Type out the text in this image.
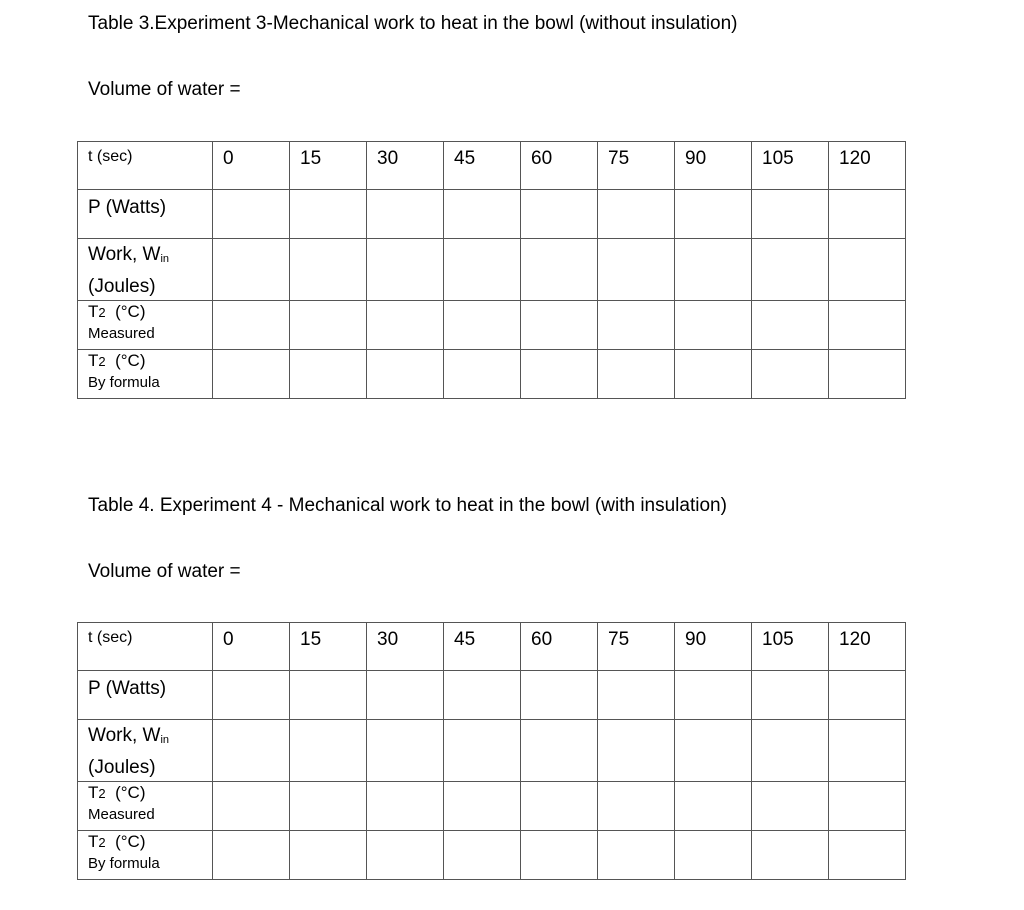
Table 3.Experiment 3-Mechanical work to heat in the bowl (without insulation)
Volume of water =
t (sec)	0	15	30	45	60	75	90	105	120

P (Watts)									

Work, $W_{in}$
(Joules)									

T2 (°C)
Measured									

T2 (°C)
By formula									

Table 4. Experiment 4 - Mechanical work to heat in the bowl (with insulation)
Volume of water =
t (sec)	0	15	30	45	60	75	90	105	120

P (Watts)									

Work, $W_{in}$
(Joules)									

T2 (°C)
Measured									

T2 (°C)
By formula									
